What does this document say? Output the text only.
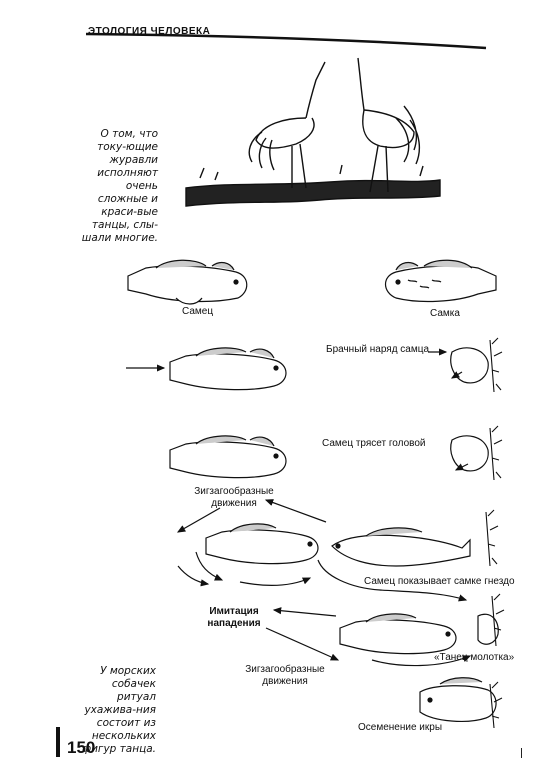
ЭТОЛОГИЯ ЧЕЛОВЕКА
О том, что току-ющие журавли исполняют очень сложные и краси-вые танцы, слы-шали многие.
Самец	Самка
Брачный наряд самца
Самец трясет головой
Зигзагообразные движения
Самец показывает самке гнездо
Имитация нападения
«Танец молотка»
Зигзагообразные движения
Осеменение икры
У морских собачек ритуал ухажива-ния состоит из нескольких фигур танца.
150
